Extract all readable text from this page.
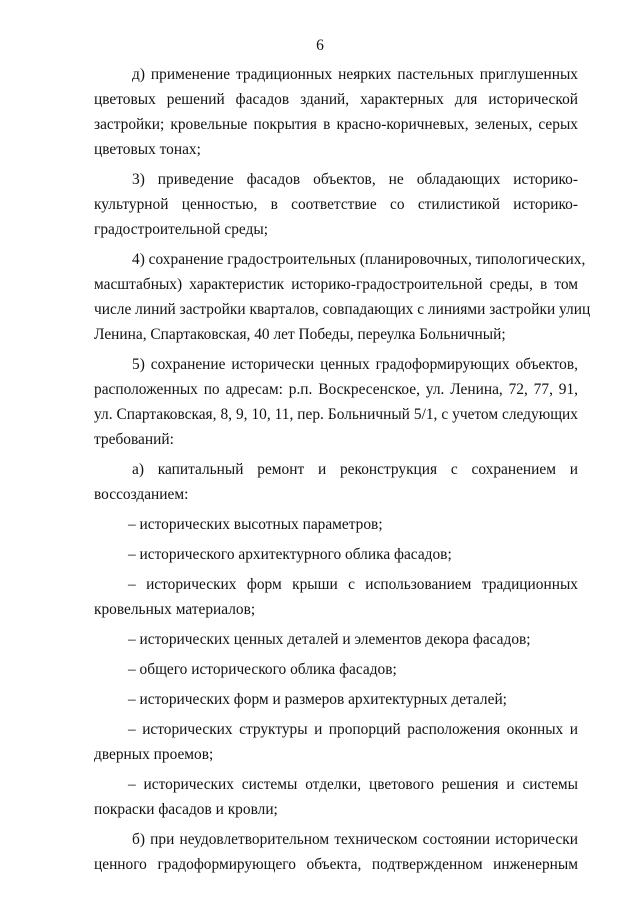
6

д) применение традиционных неярких пастельных приглушенных
цветовых решений фасадов зданий, характерных для исторической
застройки; кровельные покрытия в красно-коричневых, зеленых, серых
цветовых тонах;

3) приведение фасадов объектов, не обладающих историко-
культурной ценностью, в соответствие со стилистикой историко-
градостроительной среды;

4) сохранение градостроительных (планировочных, типологических,
масштабных) характеристик историко-градостроительной среды, в том
числе линий застройки кварталов, совпадающих с линиями застройки улиц
Ленина, Спартаковская, 40 лет Победы, переулка Больничный;

5) сохранение исторически ценных градоформирующих объектов,
расположенных по адресам: р.п. Воскресенское, ул. Ленина, 72, 77, 91,
ул. Спартаковская, 8, 9, 10, 11, пер. Больничный 5/1, с учетом следующих
требований:

а) капитальный ремонт и реконструкция с сохранением и
воссозданием:

– исторических высотных параметров;

– исторического архитектурного облика фасадов;

– исторических форм крыши с использованием традиционных
кровельных материалов;

– исторических ценных деталей и элементов декора фасадов;

– общего исторического облика фасадов;

– исторических форм и размеров архитектурных деталей;

– исторических структуры и пропорций расположения оконных и
дверных проемов;

– исторических системы отделки, цветового решения и системы
покраски фасадов и кровли;

б) при неудовлетворительном техническом состоянии исторически
ценного градоформирующего объекта, подтвержденном инженерным
